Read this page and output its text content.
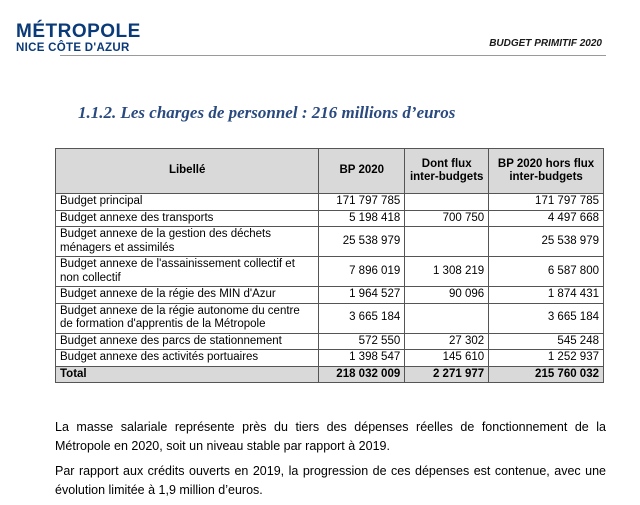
MÉTROPOLE
NICE CÔTE D'AZUR	BUDGET PRIMITIF 2020
1.1.2. Les charges de personnel : 216 millions d’euros
Libellé	BP 2020	Dont flux inter-budgets	BP 2020 hors flux inter-budgets
Budget principal	171 797 785		171 797 785
Budget annexe des transports	5 198 418	700 750	4 497 668
Budget annexe de la gestion des déchets ménagers et assimilés	25 538 979		25 538 979
Budget annexe de l'assainissement collectif et non collectif	7 896 019	1 308 219	6 587 800
Budget annexe de la régie des MIN d'Azur	1 964 527	90 096	1 874 431
Budget annexe de la régie autonome du centre de formation d'apprentis de la Métropole	3 665 184		3 665 184
Budget annexe des parcs de stationnement	572 550	27 302	545 248
Budget annexe des activités portuaires	1 398 547	145 610	1 252 937
Total	218 032 009	2 271 977	215 760 032

La masse salariale représente près du tiers des dépenses réelles de fonctionnement de la Métropole en 2020, soit un niveau stable par rapport à 2019.

Par rapport aux crédits ouverts en 2019, la progression de ces dépenses est contenue, avec une évolution limitée à 1,9 million d’euros.
